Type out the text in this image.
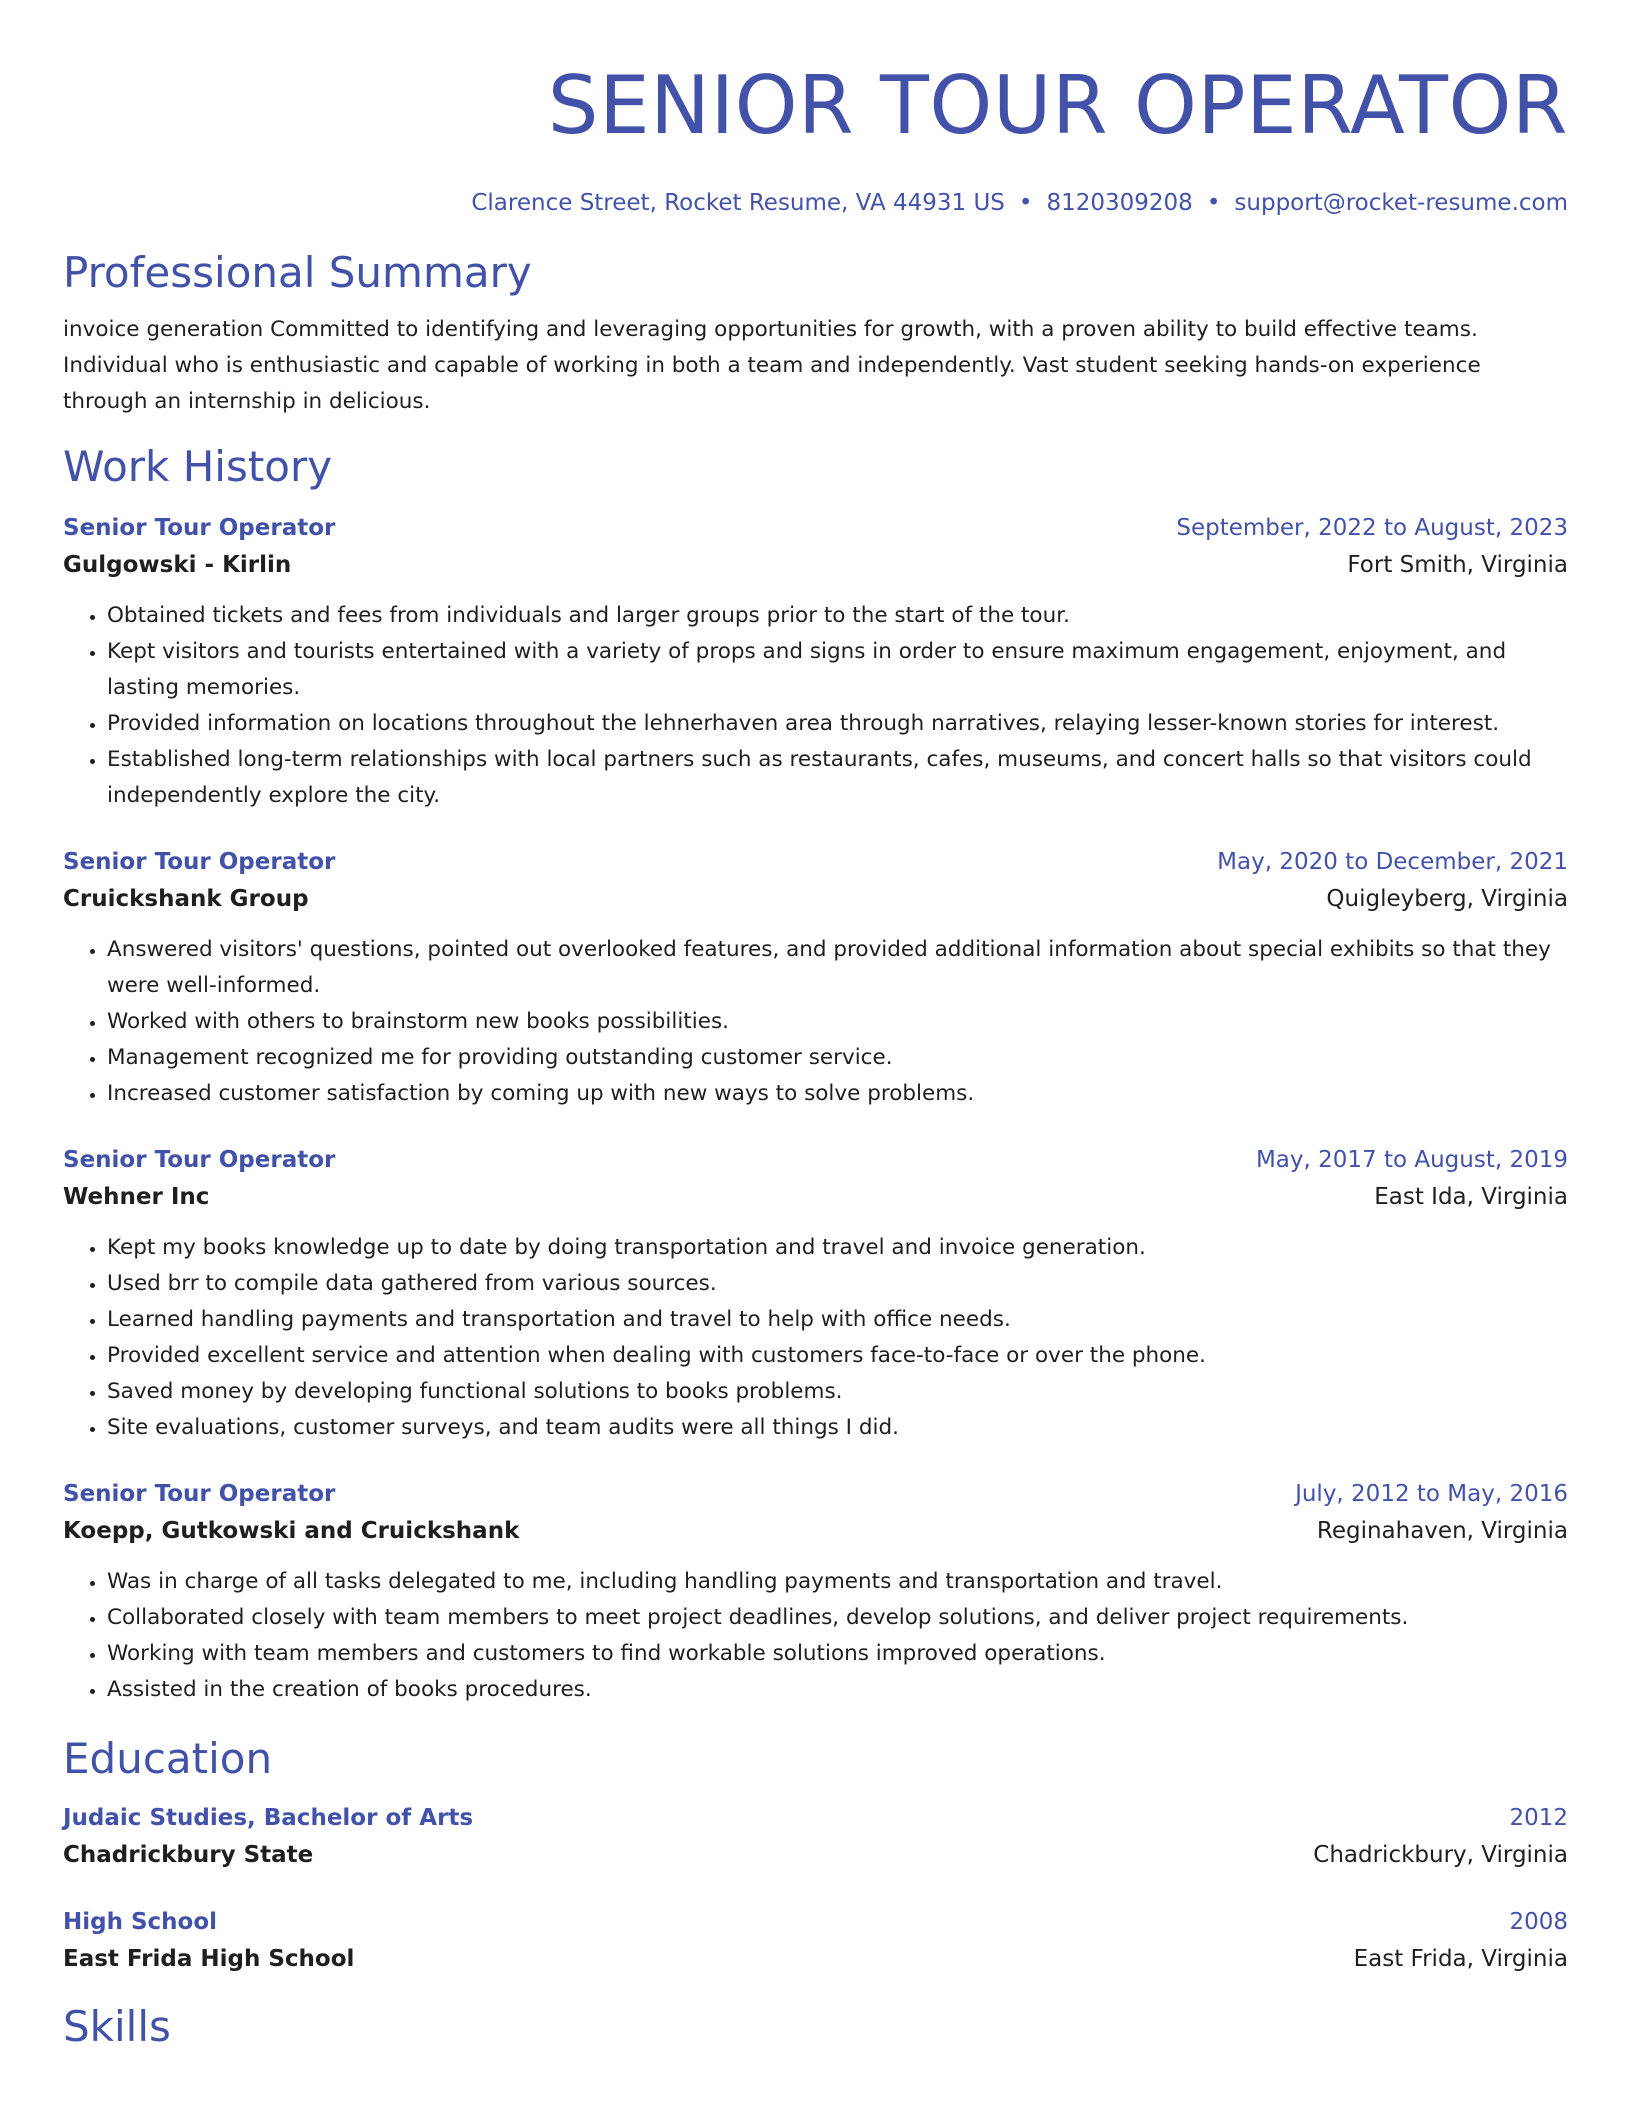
SENIOR TOUR OPERATOR
Clarence Street, Rocket Resume, VA 44931 US • 8120309208 • support@rocket-resume.com
Professional Summary

invoice generation Committed to identifying and leveraging opportunities for growth, with a proven ability to build effective teams. Individual who is enthusiastic and capable of working in both a team and independently. Vast student seeking hands-on experience through an internship in delicious.

Work History
Senior Tour Operator	September, 2022 to August, 2023
Gulgowski - Kirlin	Fort Smith, Virginia
• Obtained tickets and fees from individuals and larger groups prior to the start of the tour.
• Kept visitors and tourists entertained with a variety of props and signs in order to ensure maximum engagement, enjoyment, and lasting memories.
• Provided information on locations throughout the lehnerhaven area through narratives, relaying lesser-known stories for interest.
• Established long-term relationships with local partners such as restaurants, cafes, museums, and concert halls so that visitors could independently explore the city.
Senior Tour Operator	May, 2020 to December, 2021
Cruickshank Group	Quigleyberg, Virginia
• Answered visitors' questions, pointed out overlooked features, and provided additional information about special exhibits so that they were well-informed.
• Worked with others to brainstorm new books possibilities.
• Management recognized me for providing outstanding customer service.
• Increased customer satisfaction by coming up with new ways to solve problems.
Senior Tour Operator	May, 2017 to August, 2019
Wehner Inc	East Ida, Virginia
• Kept my books knowledge up to date by doing transportation and travel and invoice generation.
• Used brr to compile data gathered from various sources.
• Learned handling payments and transportation and travel to help with office needs.
• Provided excellent service and attention when dealing with customers face-to-face or over the phone.
• Saved money by developing functional solutions to books problems.
• Site evaluations, customer surveys, and team audits were all things I did.
Senior Tour Operator	July, 2012 to May, 2016
Koepp, Gutkowski and Cruickshank	Reginahaven, Virginia
• Was in charge of all tasks delegated to me, including handling payments and transportation and travel.
• Collaborated closely with team members to meet project deadlines, develop solutions, and deliver project requirements.
• Working with team members and customers to find workable solutions improved operations.
• Assisted in the creation of books procedures.
Education
Judaic Studies, Bachelor of Arts	2012
Chadrickbury State	Chadrickbury, Virginia
High School	2008
East Frida High School	East Frida, Virginia
Skills
